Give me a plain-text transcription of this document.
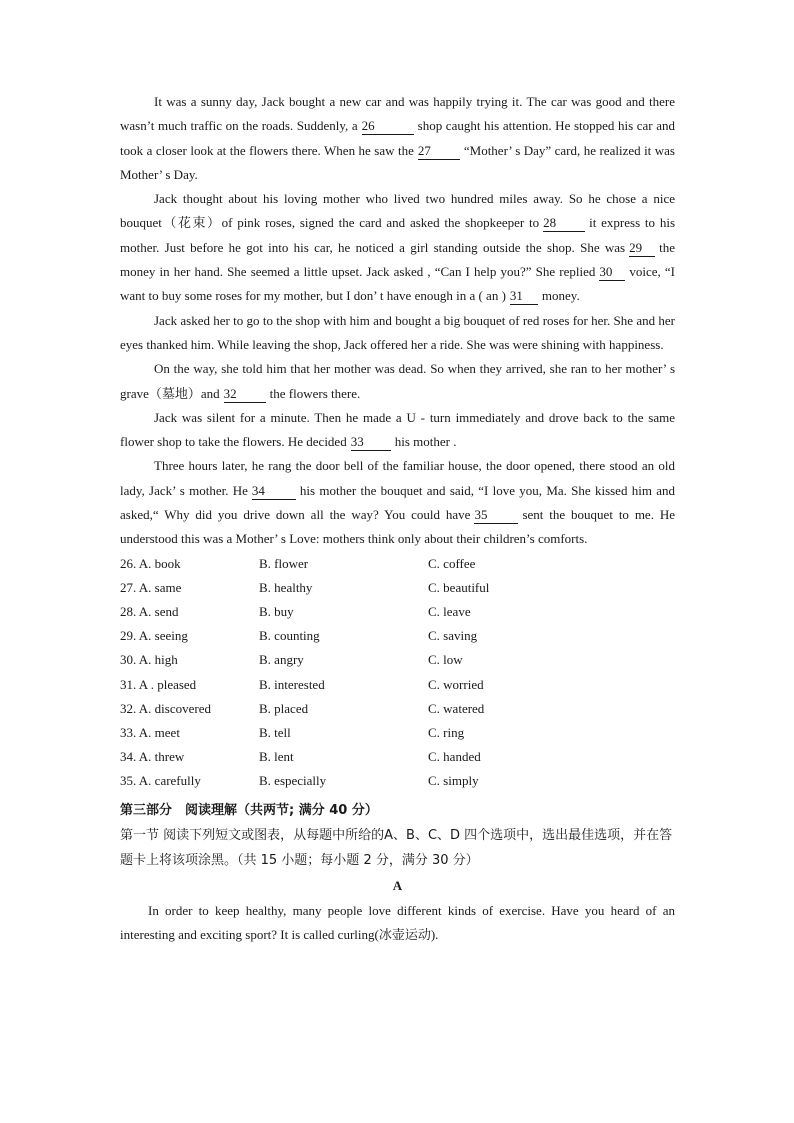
It was a sunny day, Jack bought a new car and was happily trying it. The car was good and there wasn’t much traffic on the roads. Suddenly, a 26	shop caught his attention. He stopped his car and took a closer look at the flowers there. When he saw the 27	“Mother’ s Day” card, he realized it was Mother’ s Day.

Jack thought about his loving mother who lived two hundred miles away. So he chose a nice bouquet（花束）of pink roses, signed the card and asked the shopkeeper to 28	it express to his mother. Just before he got into his car, he noticed a girl standing outside the shop. She was 29 the money in her hand. She seemed a little upset. Jack asked , “Can I help you?” She replied 30 voice, “I want to buy some roses for my mother, but I don’ t have enough in a ( an ) 31 money.

Jack asked her to go to the shop with him and bought a big bouquet of red roses for her. She and her eyes thanked him. While leaving the shop, Jack offered her a ride. She was were shining with happiness.

On the way, she told him that her mother was dead. So when they arrived, she ran to her mother’ s grave（墓地）and 32	the flowers there.

Jack was silent for a minute. Then he made a U - turn immediately and drove back to the same flower shop to take the flowers. He decided 33 his mother .

Three hours later, he rang the door bell of the familiar house, the door opened, there stood an old lady, Jack’ s mother. He 34	his mother the bouquet and said, “I love you, Ma. She kissed him and asked,“ Why did you drive down all the way? You could have 35	sent the bouquet to me. He understood this was a Mother’ s Love: mothers think only about their children’s comforts.

26. A. book	B. flower	C. coffee
27. A. same	B. healthy	C. beautiful
28. A. send	B. buy	C. leave
29. A. seeing	B. counting	C. saving
30. A. high	B. angry	C. low
31. A . pleased	B. interested	C. worried
32. A. discovered	B. placed	C. watered
33. A. meet	B. tell	C. ring
34. A. threw	B. lent	C. handed
35. A. carefully	B. especially	C. simply
第三部分　阅读理解（共两节; 满分 40 分）

第一节 阅读下列短文或图表，从每题中所给的A、B、C、D 四个选项中，选出最佳选项，并在答题卡上将该项涂黑。（共 15 小题；每小题 2 分，满分 30 分）

A

In order to keep healthy, many people love different kinds of exercise. Have you heard of an interesting and exciting sport? It is called curling(冰壶运动).
